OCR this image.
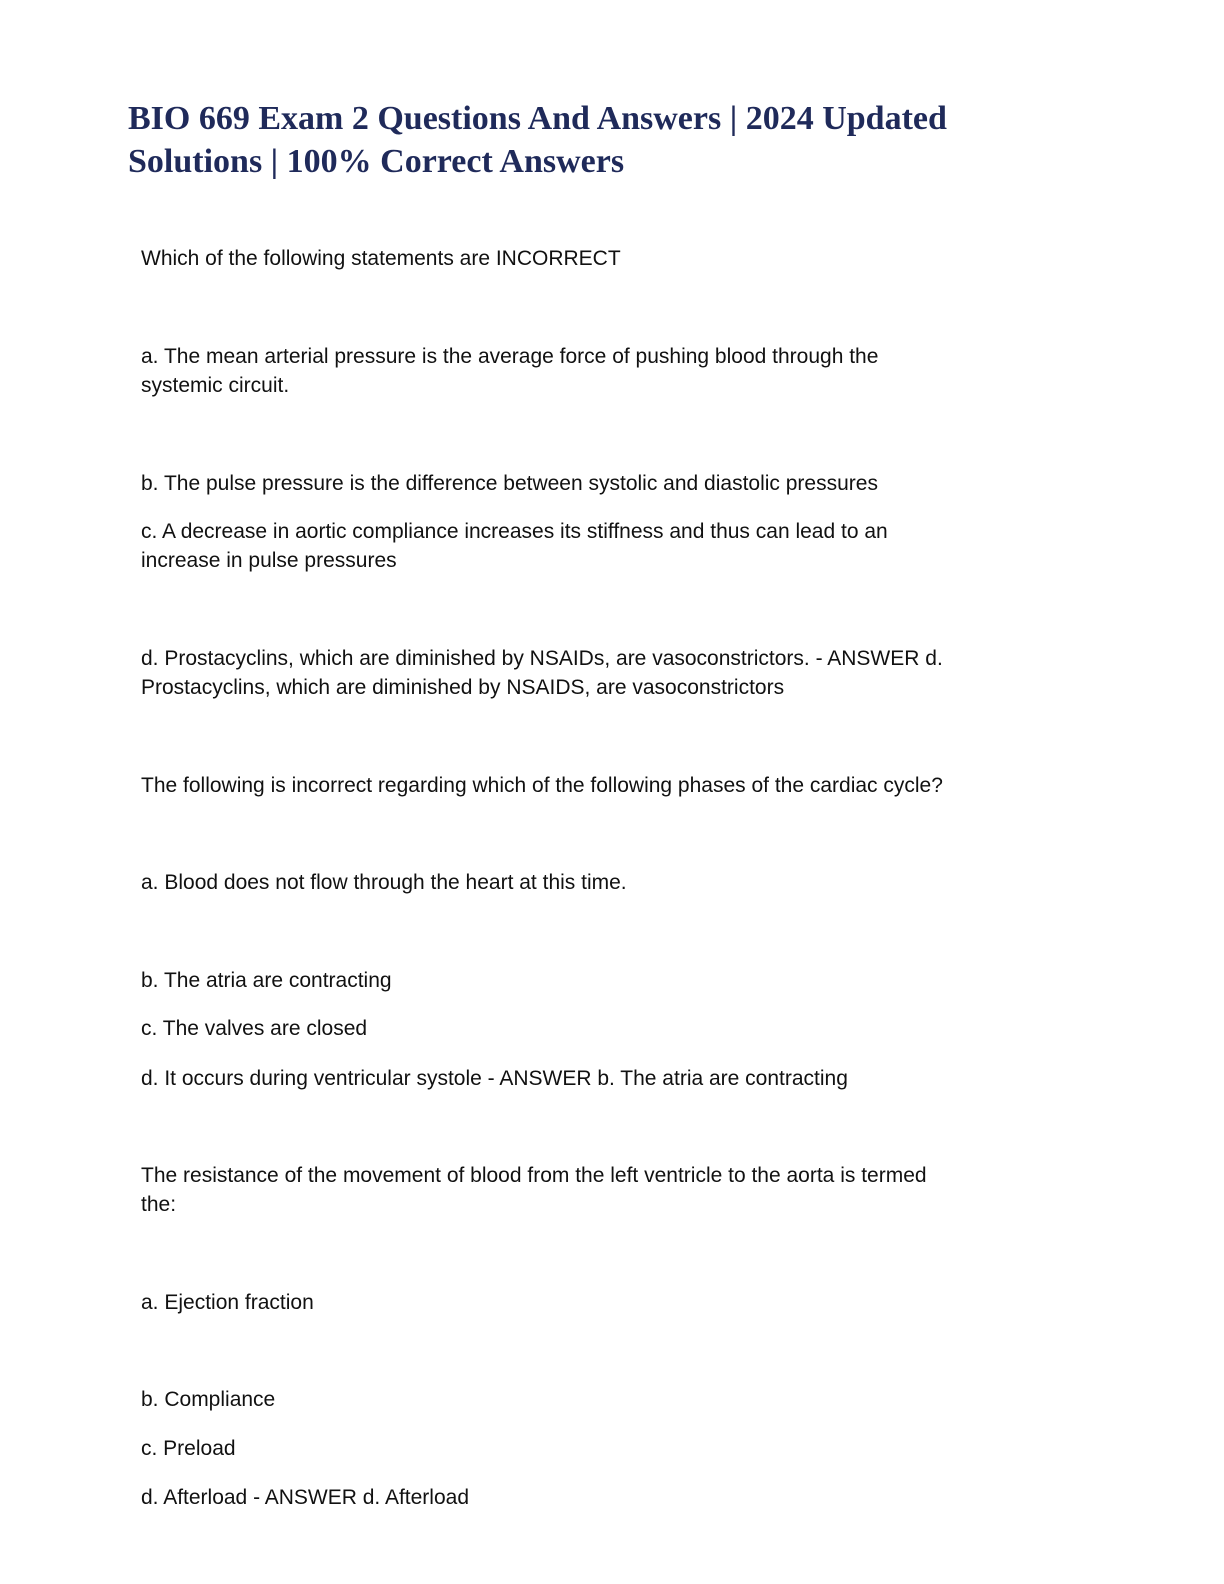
BIO 669 Exam 2 Questions And Answers | 2024 Updated
Solutions | 100% Correct Answers

Which of the following statements are INCORRECT

a. The mean arterial pressure is the average force of pushing blood through the
systemic circuit.

b. The pulse pressure is the difference between systolic and diastolic pressures

c. A decrease in aortic compliance increases its stiffness and thus can lead to an
increase in pulse pressures

d. Prostacyclins, which are diminished by NSAIDs, are vasoconstrictors. - ANSWER d.
Prostacyclins, which are diminished by NSAIDS, are vasoconstrictors

The following is incorrect regarding which of the following phases of the cardiac cycle?

a. Blood does not flow through the heart at this time.

b. The atria are contracting

c. The valves are closed

d. It occurs during ventricular systole - ANSWER b. The atria are contracting

The resistance of the movement of blood from the left ventricle to the aorta is termed
the:

a. Ejection fraction

b. Compliance

c. Preload

d. Afterload - ANSWER d. Afterload
